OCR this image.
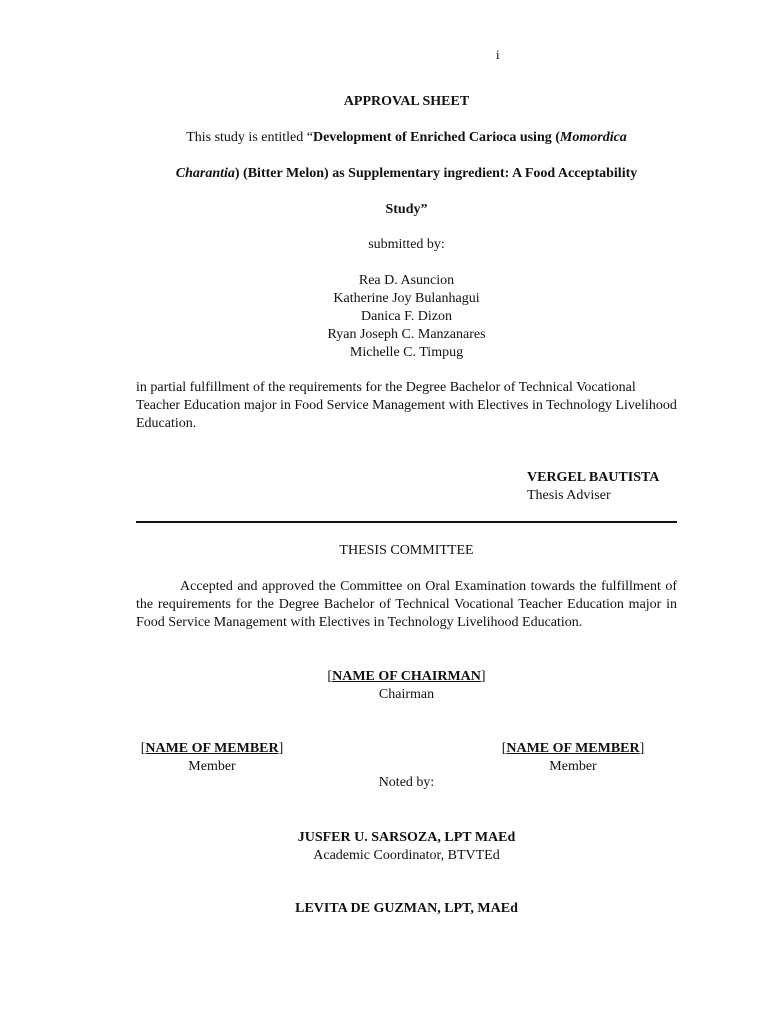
i
APPROVAL SHEET
This study is entitled “Development of Enriched Carioca using (Momordica
Charantia) (Bitter Melon) as Supplementary ingredient: A Food Acceptability
Study”
submitted by:
Rea D. Asuncion
Katherine Joy Bulanhagui
Danica F. Dizon
Ryan Joseph C. Manzanares
Michelle C. Timpug
in partial fulfillment of the requirements for the Degree Bachelor of Technical Vocational Teacher Education major in Food Service Management with Electives in Technology Livelihood Education.
VERGEL BAUTISTA
Thesis Adviser
THESIS COMMITTEE
Accepted and approved the Committee on Oral Examination towards the fulfillment of the requirements for the Degree Bachelor of Technical Vocational Teacher Education major in Food Service Management with Electives in Technology Livelihood Education.
[NAME OF CHAIRMAN]
Chairman
[NAME OF MEMBER]
Member
[NAME OF MEMBER]
Member
Noted by:
JUSFER U. SARSOZA, LPT MAEd
Academic Coordinator, BTVTEd
LEVITA DE GUZMAN, LPT, MAEd
